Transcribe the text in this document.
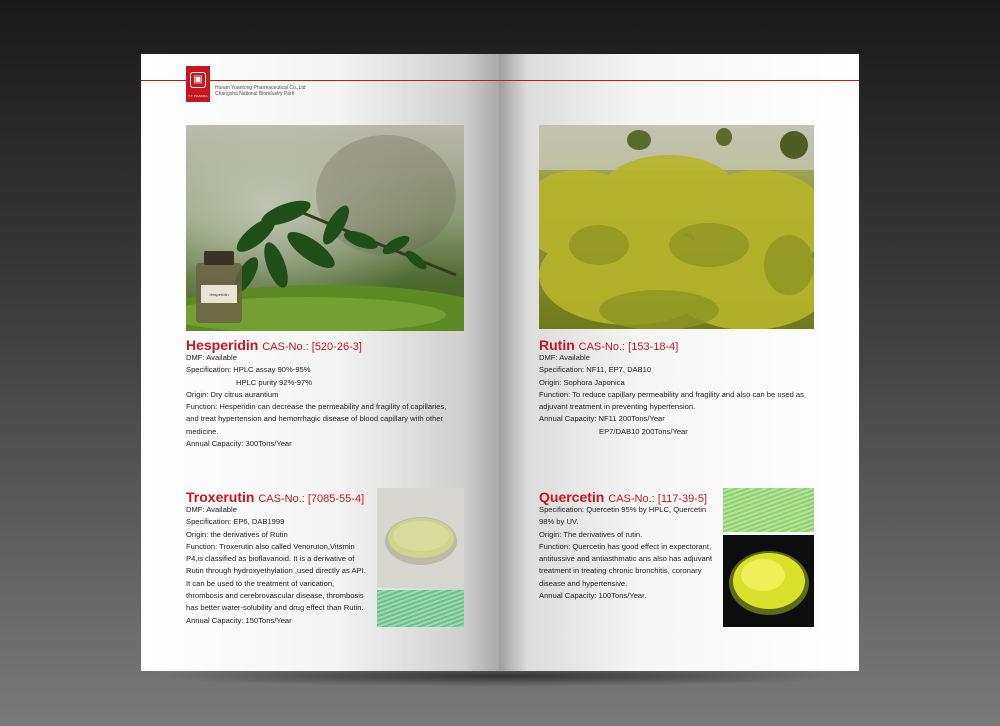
▣
Y.T.PHARMA
Hunan Yuantong Pharmaceutical Co.,Ltd
Changsha National Biondustry Park
Hesperidin
Hesperidin CAS-No.: [520-26-3]
DMF: Available
Specification: HPLC assay 90%-95%
HPLC purity 92%-97%
Origin: Dry citrus aurantium
Function: Hesperidin can decrease the permeability and fragility of capillaries,
and treat hypertension and hemorrhagic disease of blood capillary with other
medicine.
Annual Capacity: 300Tons/Year
Troxerutin CAS-No.: [7085-55-4]
DMF: Available
Specification: EP6, DAB1999
Origin: the derivatives of Rutin
Function: Troxerutin also called Venoruton,Vitsmin
P4,is classified as bioflavanoid. It is a derivative of
Rutin through hydroxyethylation ,used directly as API.
It can be used to the treatment of varication,
thrombosis and cerebrovascular disease, thrombosis
has better water-solubility and drug effect than Rutin.
Annual Capacity: 150Tons/Year
Rutin CAS-No.: [153-18-4]
DMF: Available
Specification: NF11, EP7, DAB10
Origin: Sophora Japonica
Function: To reduce capillary permeability and fragility and also can be used as
adjuvant treatment in preventing hypertension.
Annual Capacity: NF11 200Tons/Year
EP7/DAB10 200Tons/Year
Quercetin CAS-No.: [117-39-5]
Specification: Quercetin 95% by HPLC, Quercetin
98% by UV.
Origin: The derivatives of rutin.
Function: Quercetin has good effect in expectorant,
antitussive and antiasthmatic ans also has adjuvant
treatment in treating chronic bronchitis, coronary
disease and hypertensive.
Annual Capacity: 100Tons/Year.
